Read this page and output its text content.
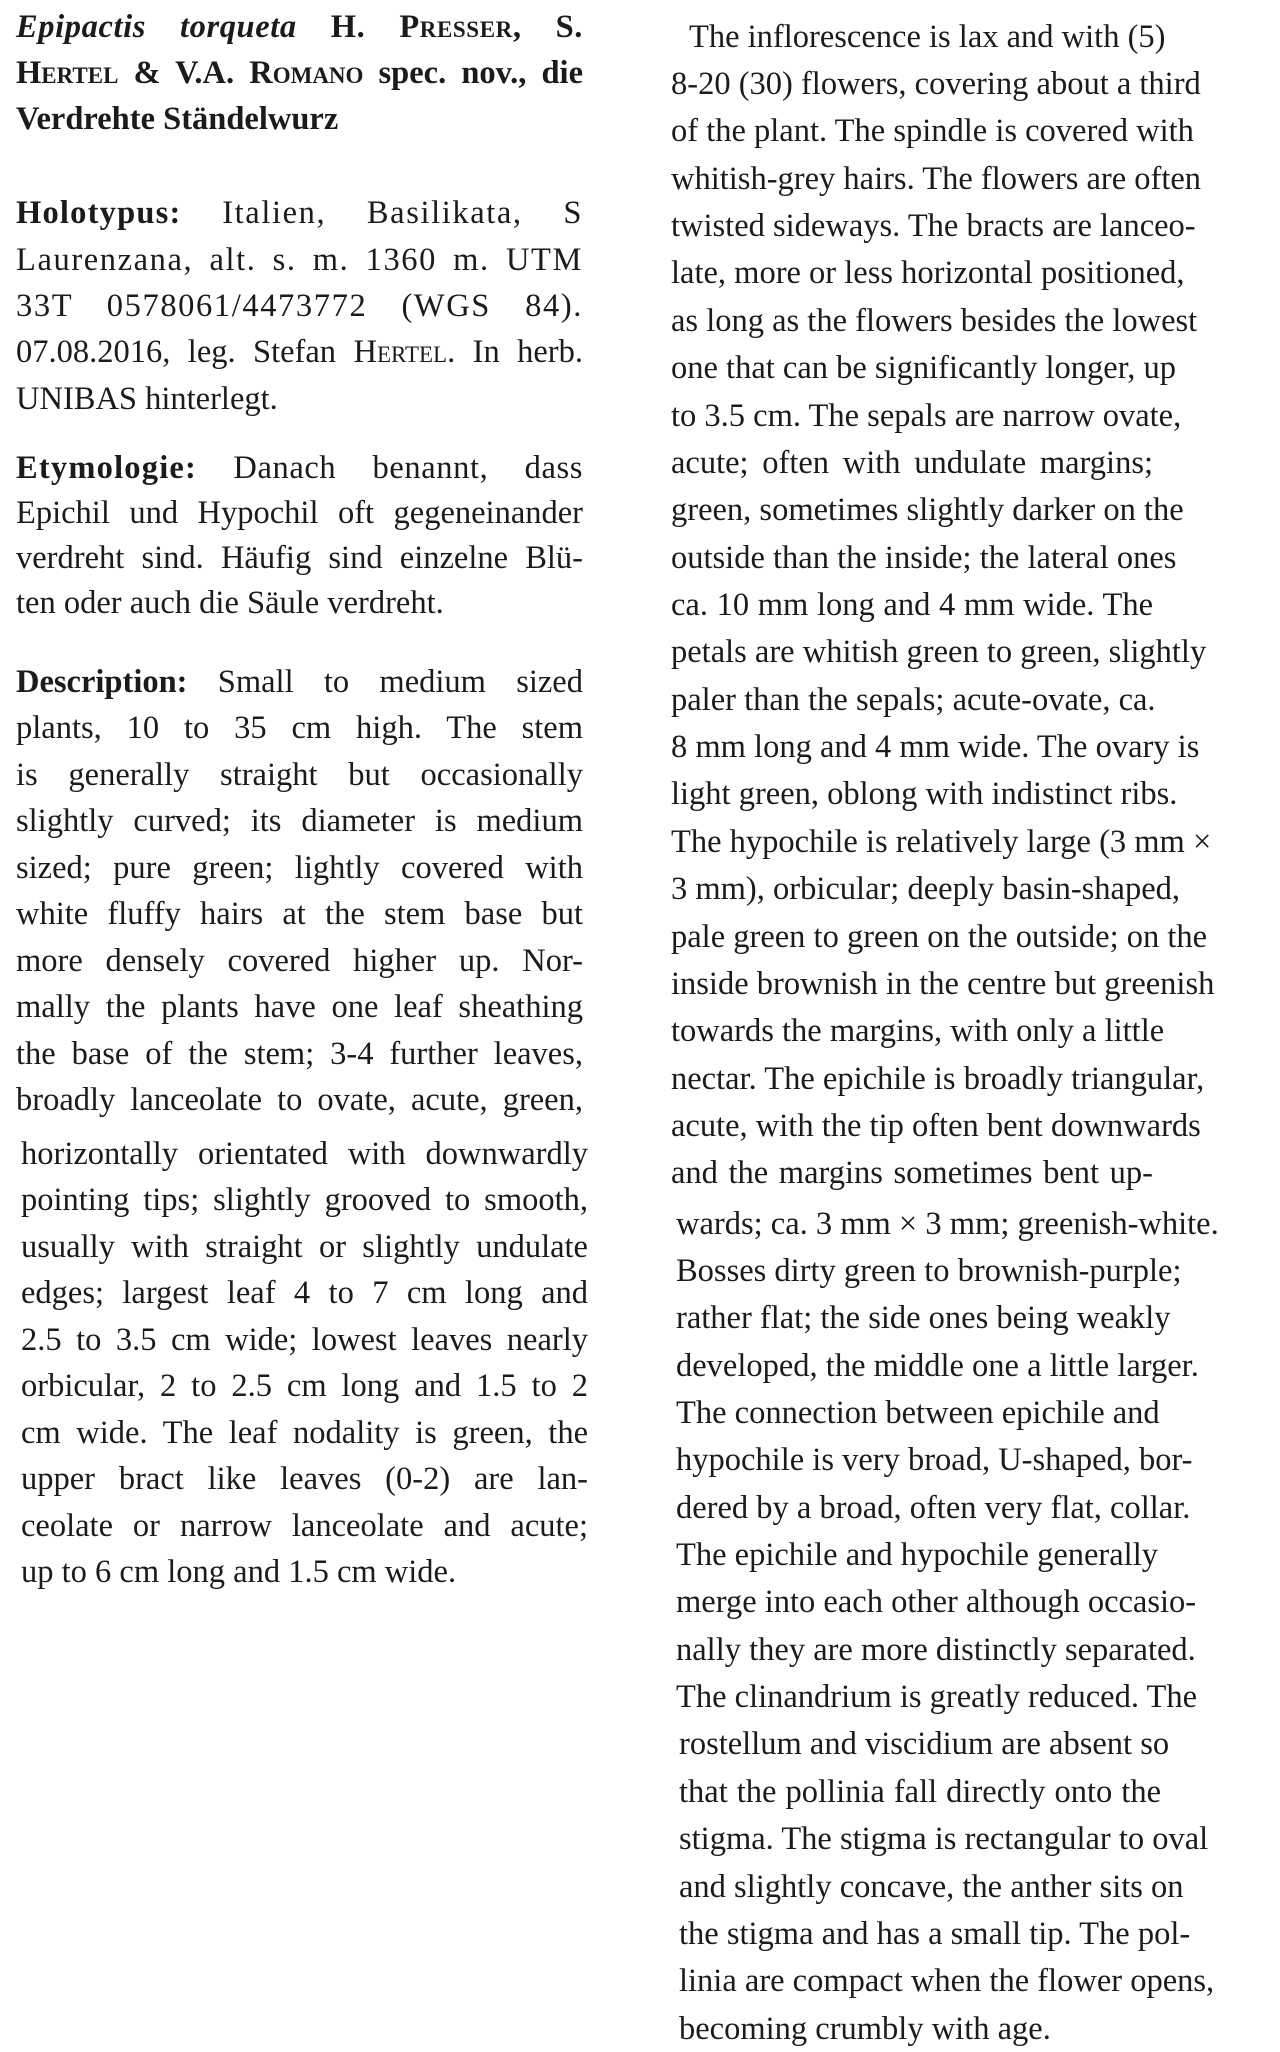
Epipactis torqueta H. Presser, S.
Hertel & V.A. Romano spec. nov., die
Verdrehte Ständelwurz
Holotypus: Italien, Basilikata, S
Laurenzana, alt. s. m. 1360 m. UTM
33T 0578061/4473772 (WGS 84).
07.08.2016, leg. Stefan Hertel. In herb.
UNIBAS hinterlegt.
Etymologie: Danach benannt, dass
Epichil und Hypochil oft gegeneinander
verdreht sind. Häufig sind einzelne Blü-
ten oder auch die Säule verdreht.
Description: Small to medium sized
plants, 10 to 35 cm high. The stem
is generally straight but occasionally
slightly curved; its diameter is medium
sized; pure green; lightly covered with
white fluffy hairs at the stem base but
more densely covered higher up. Nor-
mally the plants have one leaf sheathing
the base of the stem; 3-4 further leaves,
broadly lanceolate to ovate, acute, green,
horizontally orientated with downwardly
pointing tips; slightly grooved to smooth,
usually with straight or slightly undulate
edges; largest leaf 4 to 7 cm long and
2.5 to 3.5 cm wide; lowest leaves nearly
orbicular, 2 to 2.5 cm long and 1.5 to 2
cm wide. The leaf nodality is green, the
upper bract like leaves (0-2) are lan-
ceolate or narrow lanceolate and acute;
up to 6 cm long and 1.5 cm wide.
The inflorescence is lax and with (5)
8-20 (30) flowers, covering about a third
of the plant. The spindle is covered with
whitish-grey hairs. The flowers are often
twisted sideways. The bracts are lanceo-
late, more or less horizontal positioned,
as long as the flowers besides the lowest
one that can be significantly longer, up
to 3.5 cm. The sepals are narrow ovate,
acute; often with undulate margins;
green, sometimes slightly darker on the
outside than the inside; the lateral ones
ca. 10 mm long and 4 mm wide. The
petals are whitish green to green, slightly
paler than the sepals; acute-ovate, ca.
8 mm long and 4 mm wide. The ovary is
light green, oblong with indistinct ribs.
The hypochile is relatively large (3 mm ×
3 mm), orbicular; deeply basin-shaped,
pale green to green on the outside; on the
inside brownish in the centre but greenish
towards the margins, with only a little
nectar. The epichile is broadly triangular,
acute, with the tip often bent downwards
and the margins sometimes bent up-
wards; ca. 3 mm × 3 mm; greenish-white.
Bosses dirty green to brownish-purple;
rather flat; the side ones being weakly
developed, the middle one a little larger.
The connection between epichile and
hypochile is very broad, U-shaped, bor-
dered by a broad, often very flat, collar.
The epichile and hypochile generally
merge into each other although occasio-
nally they are more distinctly separated.
The clinandrium is greatly reduced. The
rostellum and viscidium are absent so
that the pollinia fall directly onto the
stigma. The stigma is rectangular to oval
and slightly concave, the anther sits on
the stigma and has a small tip. The pol-
linia are compact when the flower opens,
becoming crumbly with age.
